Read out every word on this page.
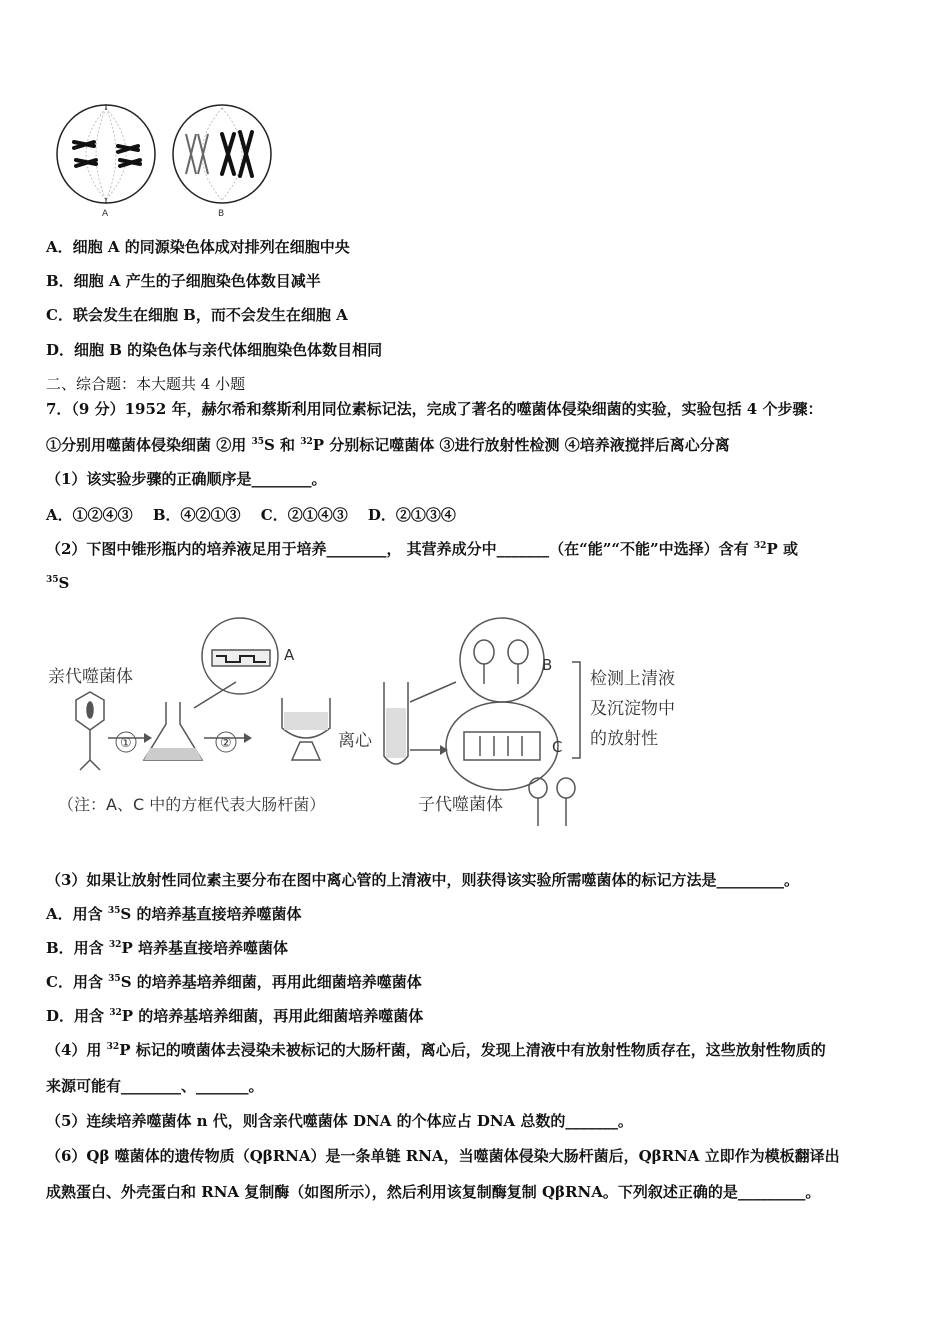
A	B
A．细胞 A 的同源染色体成对排列在细胞中央
B．细胞 A 产生的子细胞染色体数目减半
C．联会发生在细胞 B，而不会发生在细胞 A
D．细胞 B 的染色体与亲代体细胞染色体数目相同
二、综合题：本大题共 4 小题
7．（9 分）1952 年，赫尔希和蔡斯利用同位素标记法，完成了著名的噬菌体侵染细菌的实验，实验包括 4 个步骤：
①分别用噬菌体侵染细菌 ②用 $^{35}$S 和 $^{32}$P 分别标记噬菌体 ③进行放射性检测 ④培养液搅拌后离心分离
（1）该实验步骤的正确顺序是________。
A．①②④③　 B．④②①③　 C．②①④③　 D．②①③④
（2）下图中锥形瓶内的培养液足用于培养________， 其营养成分中_______（在“能”“不能”中选择）含有 $^{32}$P 或
$^{35}$S
亲代噬菌体
①	②
A
离心
B
C
检测上清液
及沉淀物中
的放射性
子代噬菌体
（注：A、C 中的方框代表大肠杆菌）
（3）如果让放射性同位素主要分布在图中离心管的上清液中，则获得该实验所需噬菌体的标记方法是_________。
A．用含 $^{35}$S 的培养基直接培养噬菌体
B．用含 $^{32}$P 培养基直接培养噬菌体
C．用含 $^{35}$S 的培养基培养细菌，再用此细菌培养噬菌体
D．用含 $^{32}$P 的培养基培养细菌，再用此细菌培养噬菌体
（4）用 $^{32}$P 标记的喷菌体去浸染未被标记的大肠杆菌，离心后，发现上清液中有放射性物质存在，这些放射性物质的
来源可能有________、_______。
（5）连续培养噬菌体 n 代，则含亲代噬菌体 DNA 的个体应占 DNA 总数的_______。
（6）Qβ 噬菌体的遗传物质（QβRNA）是一条单链 RNA，当噬菌体侵染大肠杆菌后，QβRNA 立即作为模板翻译出
成熟蛋白、外壳蛋白和 RNA 复制酶（如图所示），然后利用该复制酶复制 QβRNA。下列叙述正确的是_________。
